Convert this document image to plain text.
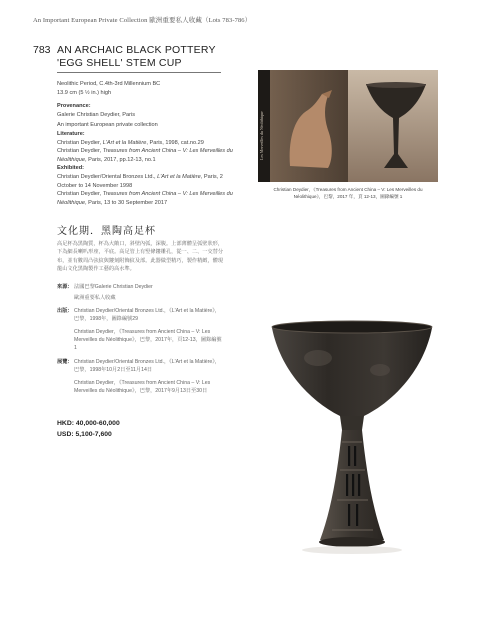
An Important European Private Collection 歐洲重要私人收藏（Lots 783-786）
783 AN ARCHAIC BLACK POTTERY
'EGG SHELL' STEM CUP

Neolithic Period, C.4th-3rd Millennium BC

13.9 cm (5 ½ in.) high

Provenance:

Galerie Christian Deydier, Paris

An important European private collection

Literature:

Christian Deydier, L'Art et la Matière, Paris, 1998, cat.no.29

Christian Deydier, Treasures from Ancient China – V: Les Merveilles du Néolithique, Paris, 2017, pp.12-13, no.1

Exhibited:

Christian Deydier/Oriental Bronzes Ltd., L'Art et la Matière, Paris, 2 October to 14 November 1998

Christian Deydier, Treasures from Ancient China – V: Les Merveilles du Néolithique, Paris, 13 to 30 September 2017

Les Merveilles du Néolithique
Christian Deydier，《Treasures from Ancient China – V: Les Merveilles du
Néolithique》，巴黎，2017 年，頁 12-13，圖錄編號 1
文化期．黑陶高足杯
高足杯為黑陶質，杯為大敞口，斜壁內弧，深腹。上部薄體呈弧壁狀形，下為細長喇叭形座，平底。高足管上有竪條鏤雕孔，從一、二、一交替分布，並有數周凸弦紋與鏤刻附飾紋及部。此器做型精巧，製作精緻，體現龍山文化黑陶製作工藝的高水準。
來源： 法國巴黎Galerie Christian Deydier
歐洲重要私人收藏
出版： Christian Deydier/Oriental Bronzes Ltd.，《L'Art et la Matière》，巴黎，1998年，圖錄編號29
Christian Deydier，《Treasures from Ancient China – V: Les Merveilles du Néolithique》，巴黎，2017年，頁12-13，圖錄編號1
展覽： Christian Deydier/Oriental Bronzes Ltd.，《L'Art et la Matière》，巴黎，1998年10月2日至11月14日
Christian Deydier，《Treasures from Ancient China – V: Les Merveilles du Néolithique》，巴黎，2017年9月13日至30日
HKD: 40,000-60,000
USD: 5,100-7,600
